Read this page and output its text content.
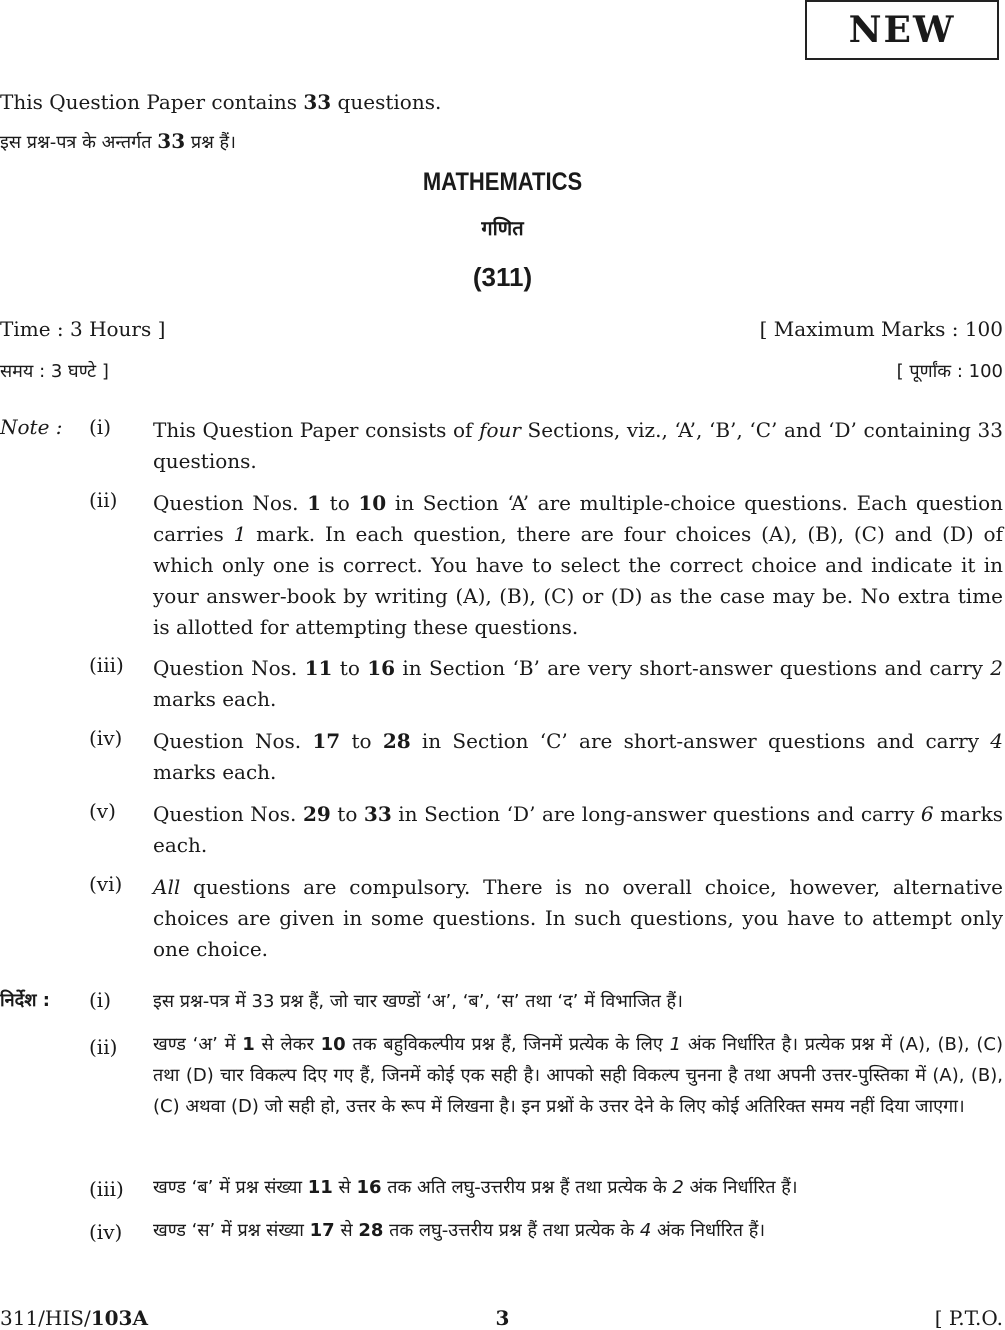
NEW
This Question Paper contains 33 questions.
इस प्रश्न-पत्र के अन्तर्गत 33 प्रश्न हैं।
MATHEMATICS
गणित
(311)
Time : 3 Hours ]	[ Maximum Marks : 100
समय : 3 घण्टे ]	[ पूर्णांक : 100
Note : (i) This Question Paper consists of four Sections, viz., ‘A’, ‘B’, ‘C’ and ‘D’ containing 33 questions.
(ii) Question Nos. 1 to 10 in Section ‘A’ are multiple-choice questions. Each question carries 1 mark. In each question, there are four choices (A), (B), (C) and (D) of which only one is correct. You have to select the correct choice and indicate it in your answer-book by writing (A), (B), (C) or (D) as the case may be. No extra time is allotted for attempting these questions.
(iii) Question Nos. 11 to 16 in Section ‘B’ are very short-answer questions and carry 2 marks each.
(iv) Question Nos. 17 to 28 in Section ‘C’ are short-answer questions and carry 4 marks each.
(v) Question Nos. 29 to 33 in Section ‘D’ are long-answer questions and carry 6 marks each.
(vi) All questions are compulsory. There is no overall choice, however, alternative choices are given in some questions. In such questions, you have to attempt only one choice.
निर्देश : (i) इस प्रश्न-पत्र में 33 प्रश्न हैं, जो चार खण्डों ‘अ’, ‘ब’, ‘स’ तथा ‘द’ में विभाजित हैं।
(ii) खण्ड ‘अ’ में 1 से लेकर 10 तक बहुविकल्पीय प्रश्न हैं, जिनमें प्रत्येक के लिए 1 अंक निर्धारित है। प्रत्येक प्रश्न में (A), (B), (C) तथा (D) चार विकल्प दिए गए हैं, जिनमें कोई एक सही है। आपको सही विकल्प चुनना है तथा अपनी उत्तर-पुस्तिका में (A), (B), (C) अथवा (D) जो सही हो, उत्तर के रूप में लिखना है। इन प्रश्नों के उत्तर देने के लिए कोई अतिरिक्त समय नहीं दिया जाएगा।
(iii) खण्ड ‘ब’ में प्रश्न संख्या 11 से 16 तक अति लघु-उत्तरीय प्रश्न हैं तथा प्रत्येक के 2 अंक निर्धारित हैं।
(iv) खण्ड ‘स’ में प्रश्न संख्या 17 से 28 तक लघु-उत्तरीय प्रश्न हैं तथा प्रत्येक के 4 अंक निर्धारित हैं।
311/HIS/103A	3	[ P.T.O.
